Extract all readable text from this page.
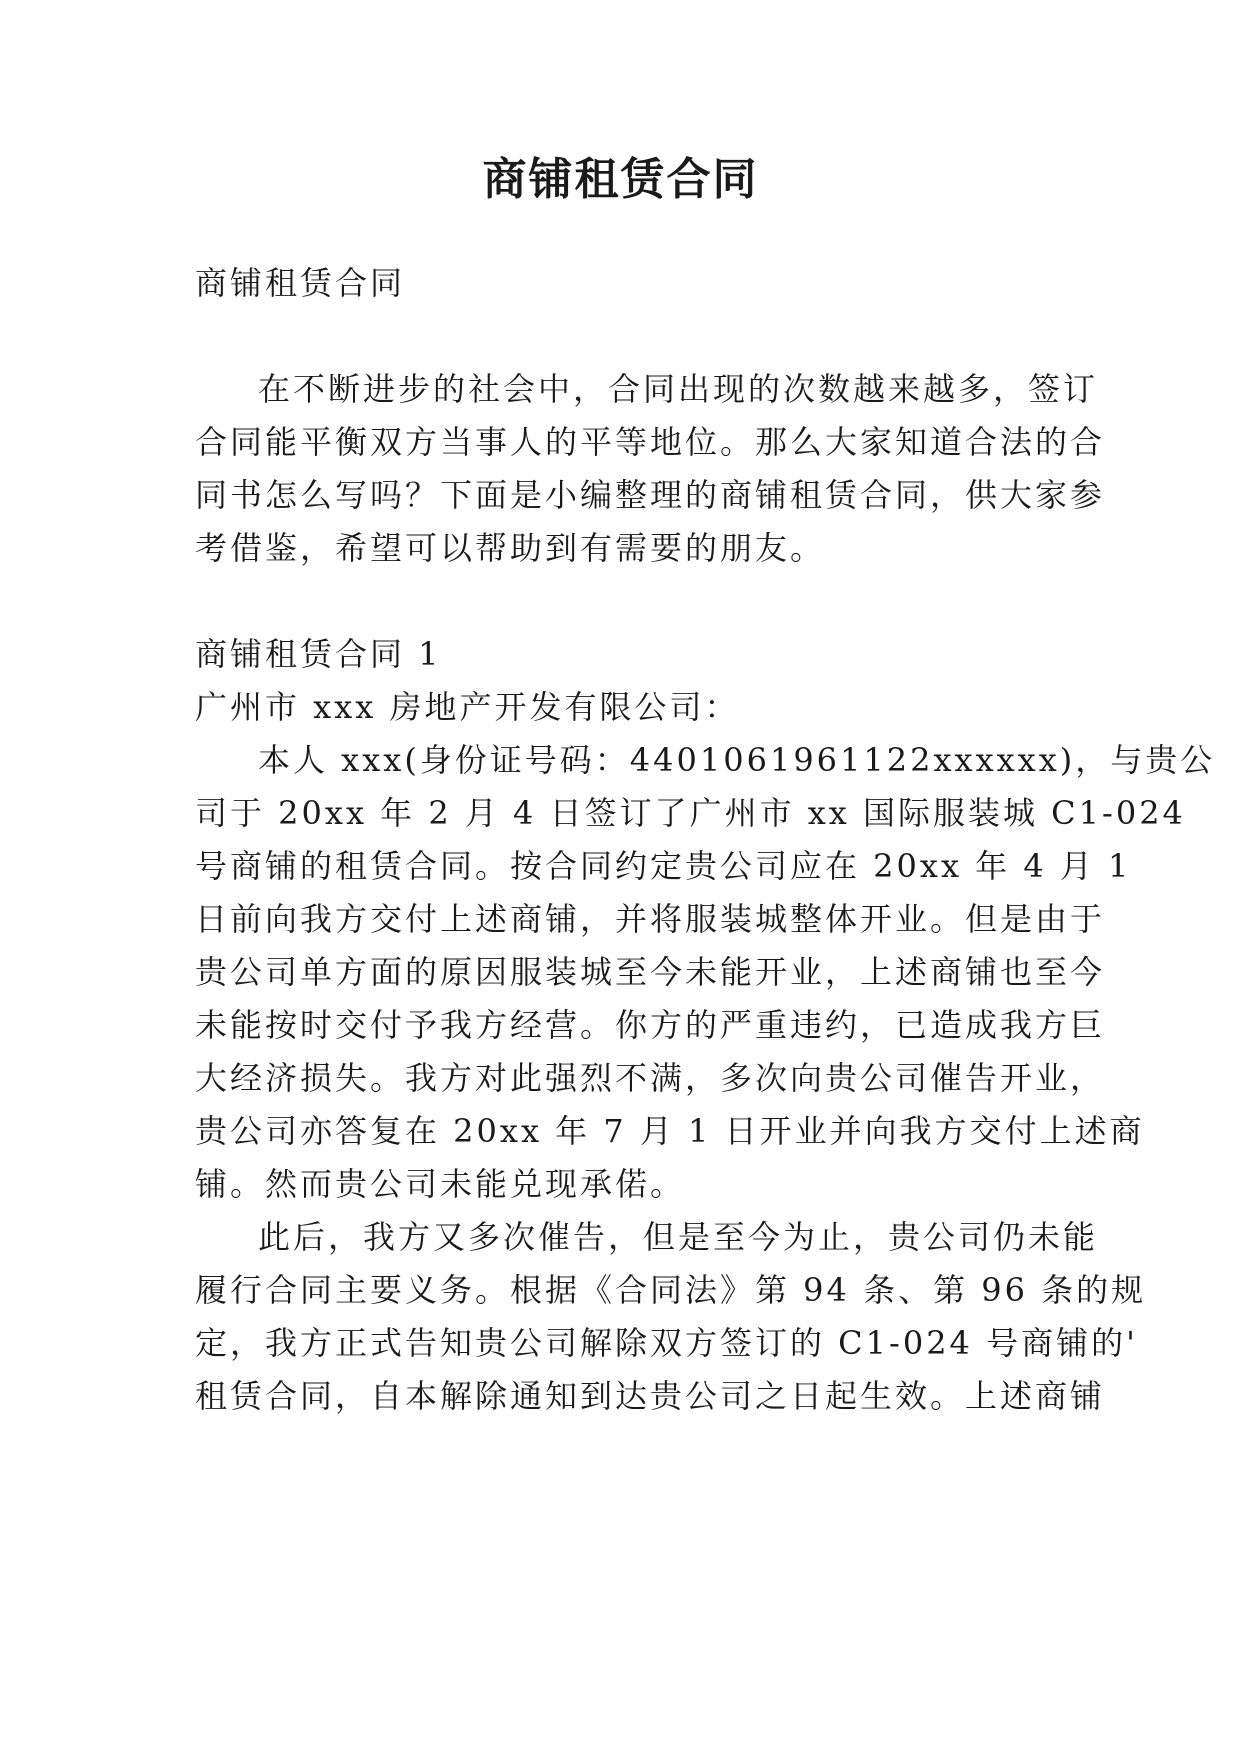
商铺租赁合同
商铺租赁合同
在不断进步的社会中，合同出现的次数越来越多，签订
合同能平衡双方当事人的平等地位。那么大家知道合法的合
同书怎么写吗？下面是小编整理的商铺租赁合同，供大家参
考借鉴，希望可以帮助到有需要的朋友。
商铺租赁合同 1
广州市 xxx 房地产开发有限公司：
本人 xxx(身份证号码：4401061961122xxxxxx)，与贵公
司于 20xx 年 2 月 4 日签订了广州市 xx 国际服装城 C1-024
号商铺的租赁合同。按合同约定贵公司应在 20xx 年 4 月 1
日前向我方交付上述商铺，并将服装城整体开业。但是由于
贵公司单方面的原因服装城至今未能开业，上述商铺也至今
未能按时交付予我方经营。你方的严重违约，已造成我方巨
大经济损失。我方对此强烈不满，多次向贵公司催告开业，
贵公司亦答复在 20xx 年 7 月 1 日开业并向我方交付上述商
铺。然而贵公司未能兑现承偌。
此后，我方又多次催告，但是至今为止，贵公司仍未能
履行合同主要义务。根据《合同法》第 94 条、第 96 条的规
定，我方正式告知贵公司解除双方签订的 C1-024 号商铺的'
租赁合同，自本解除通知到达贵公司之日起生效。上述商铺
